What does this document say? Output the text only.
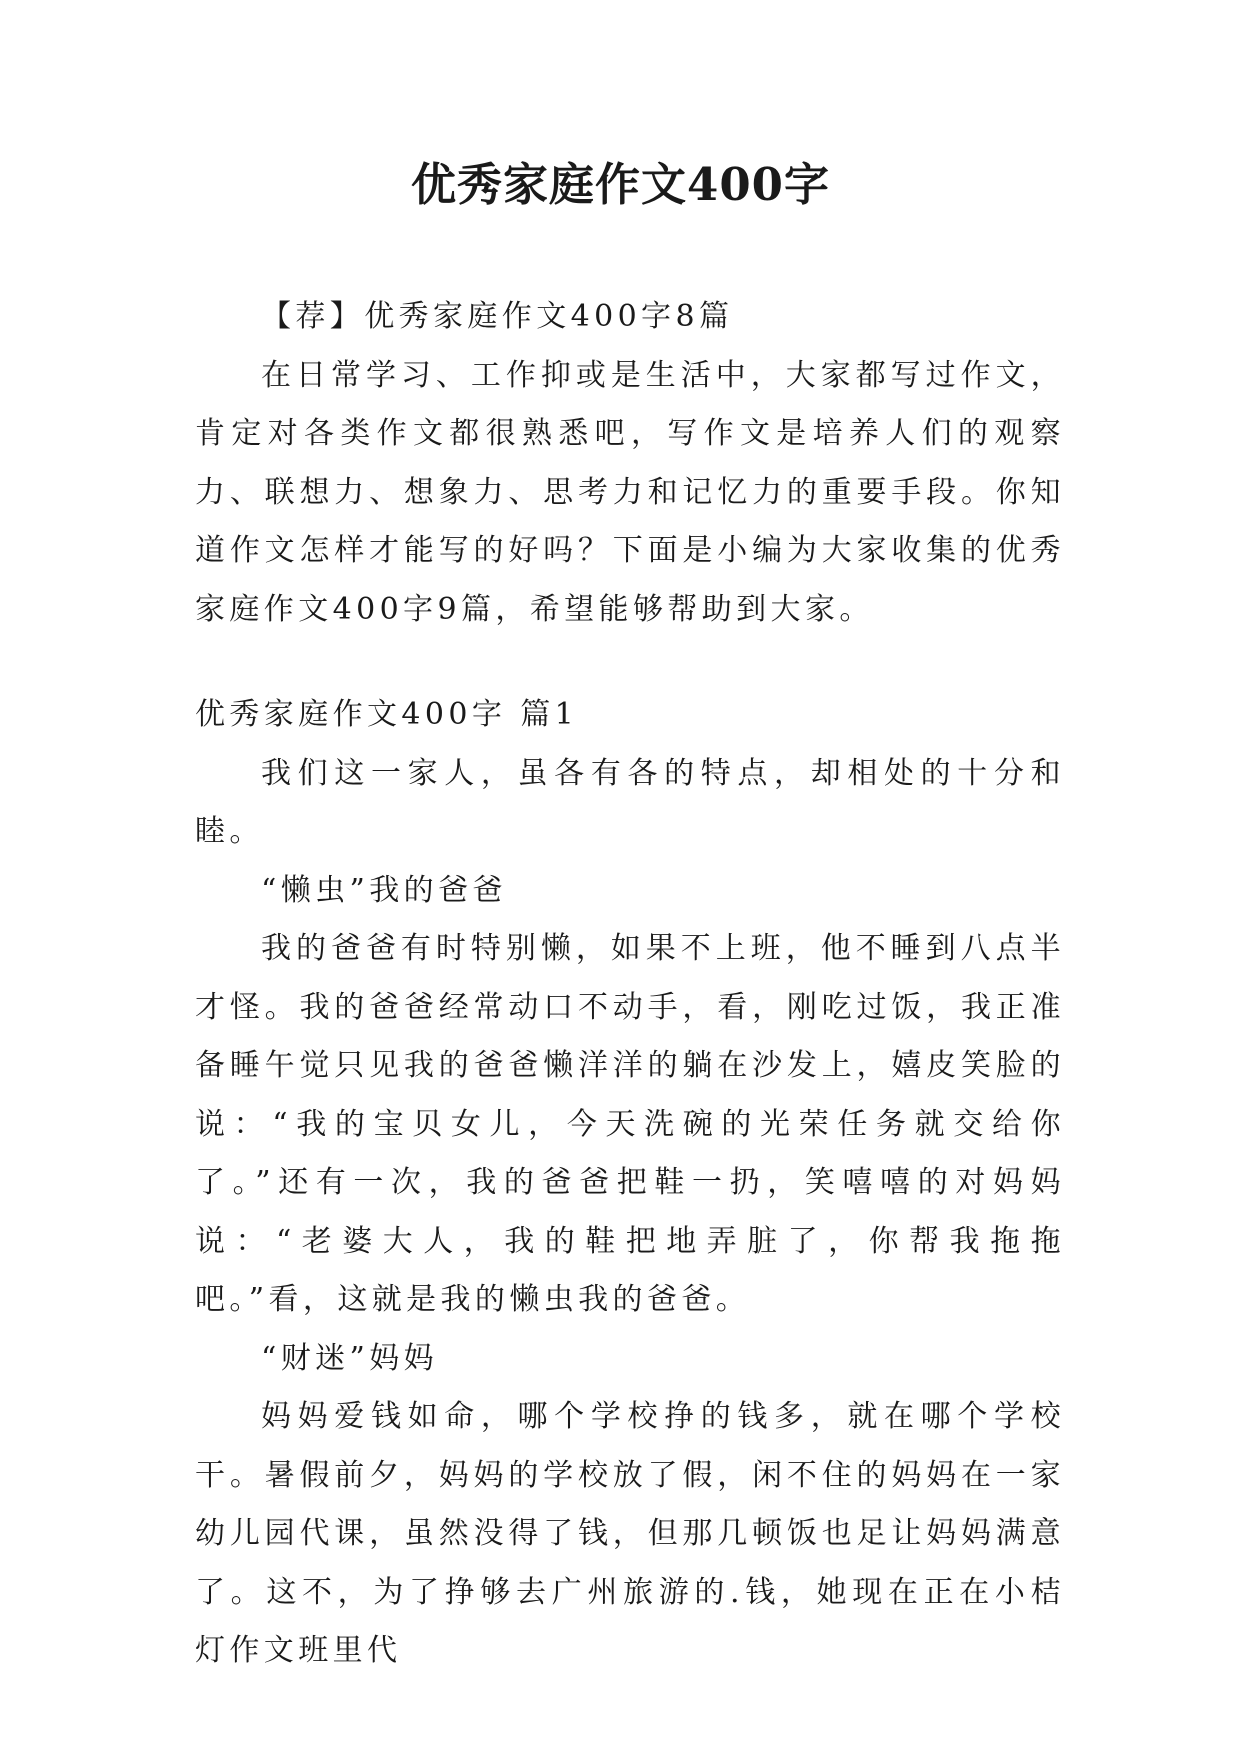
优秀家庭作文400字

【荐】优秀家庭作文400字8篇

在日常学习、工作抑或是生活中，大家都写过作文，肯定对各类作文都很熟悉吧，写作文是培养人们的观察力、联想力、想象力、思考力和记忆力的重要手段。你知道作文怎样才能写的好吗？下面是小编为大家收集的优秀家庭作文400字9篇，希望能够帮助到大家。

优秀家庭作文400字 篇1

我们这一家人，虽各有各的特点，却相处的十分和睦。

“懒虫”我的爸爸

我的爸爸有时特别懒，如果不上班，他不睡到八点半才怪。我的爸爸经常动口不动手，看，刚吃过饭，我正准备睡午觉只见我的爸爸懒洋洋的躺在沙发上，嬉皮笑脸的说：“我的宝贝女儿，今天洗碗的光荣任务就交给你了。”还有一次，我的爸爸把鞋一扔，笑嘻嘻的对妈妈说：“老婆大人，我的鞋把地弄脏了，你帮我拖拖吧。”看，这就是我的懒虫我的爸爸。

“财迷”妈妈

妈妈爱钱如命，哪个学校挣的钱多，就在哪个学校干。暑假前夕，妈妈的学校放了假，闲不住的妈妈在一家幼儿园代课，虽然没得了钱，但那几顿饭也足让妈妈满意了。这不，为了挣够去广州旅游的.钱，她现在正在小桔灯作文班里代
